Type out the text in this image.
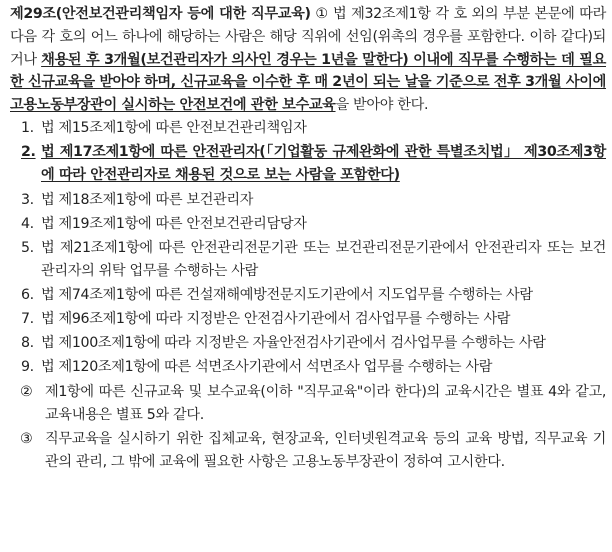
제29조(안전보건관리책임자 등에 대한 직무교육) ① 법 제32조제1항 각 호 외의 부분 본문에 따라 다음 각 호의 어느 하나에 해당하는 사람은 해당 직위에 선임(위촉의 경우를 포함한다. 이하 같다)되거나 채용된 후 3개월(보건관리자가 의사인 경우는 1년을 말한다) 이내에 직무를 수행하는 데 필요한 신규교육을 받아야 하며, 신규교육을 이수한 후 매 2년이 되는 날을 기준으로 전후 3개월 사이에 고용노동부장관이 실시하는 안전보건에 관한 보수교육을 받아야 한다.

1. 법 제15조제1항에 따른 안전보건관리책임자
2. 법 제17조제1항에 따른 안전관리자(「기업활동 규제완화에 관한 특별조치법」 제30조제3항에 따라 안전관리자로 채용된 것으로 보는 사람을 포함한다)
3. 법 제18조제1항에 따른 보건관리자
4. 법 제19조제1항에 따른 안전보건관리담당자
5. 법 제21조제1항에 따른 안전관리전문기관 또는 보건관리전문기관에서 안전관리자 또는 보건관리자의 위탁 업무를 수행하는 사람
6. 법 제74조제1항에 따른 건설재해예방전문지도기관에서 지도업무를 수행하는 사람
7. 법 제96조제1항에 따라 지정받은 안전검사기관에서 검사업무를 수행하는 사람
8. 법 제100조제1항에 따라 지정받은 자율안전검사기관에서 검사업무를 수행하는 사람
9. 법 제120조제1항에 따른 석면조사기관에서 석면조사 업무를 수행하는 사람
② 제1항에 따른 신규교육 및 보수교육(이하 "직무교육"이라 한다)의 교육시간은 별표 4와 같고, 교육내용은 별표 5와 같다.
③ 직무교육을 실시하기 위한 집체교육, 현장교육, 인터넷원격교육 등의 교육 방법, 직무교육 기관의 관리, 그 밖에 교육에 필요한 사항은 고용노동부장관이 정하여 고시한다.
